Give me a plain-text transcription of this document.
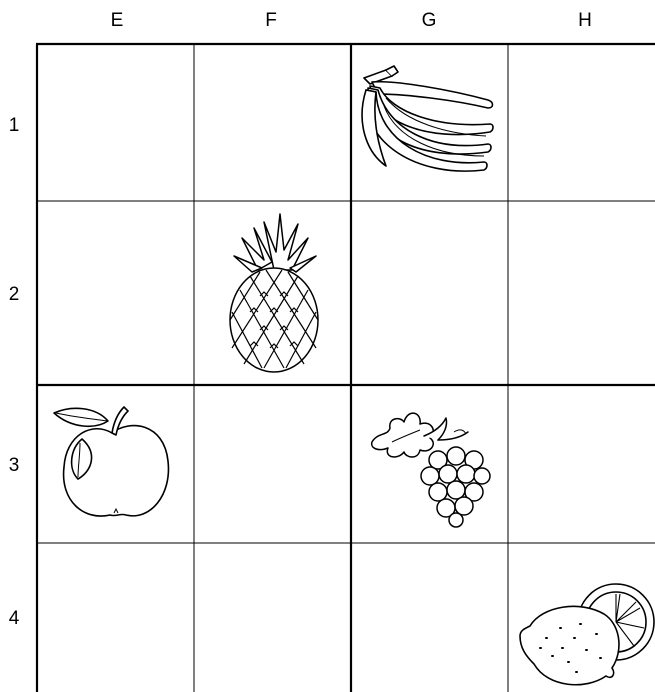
E	F	G	H
1
2
3
4
